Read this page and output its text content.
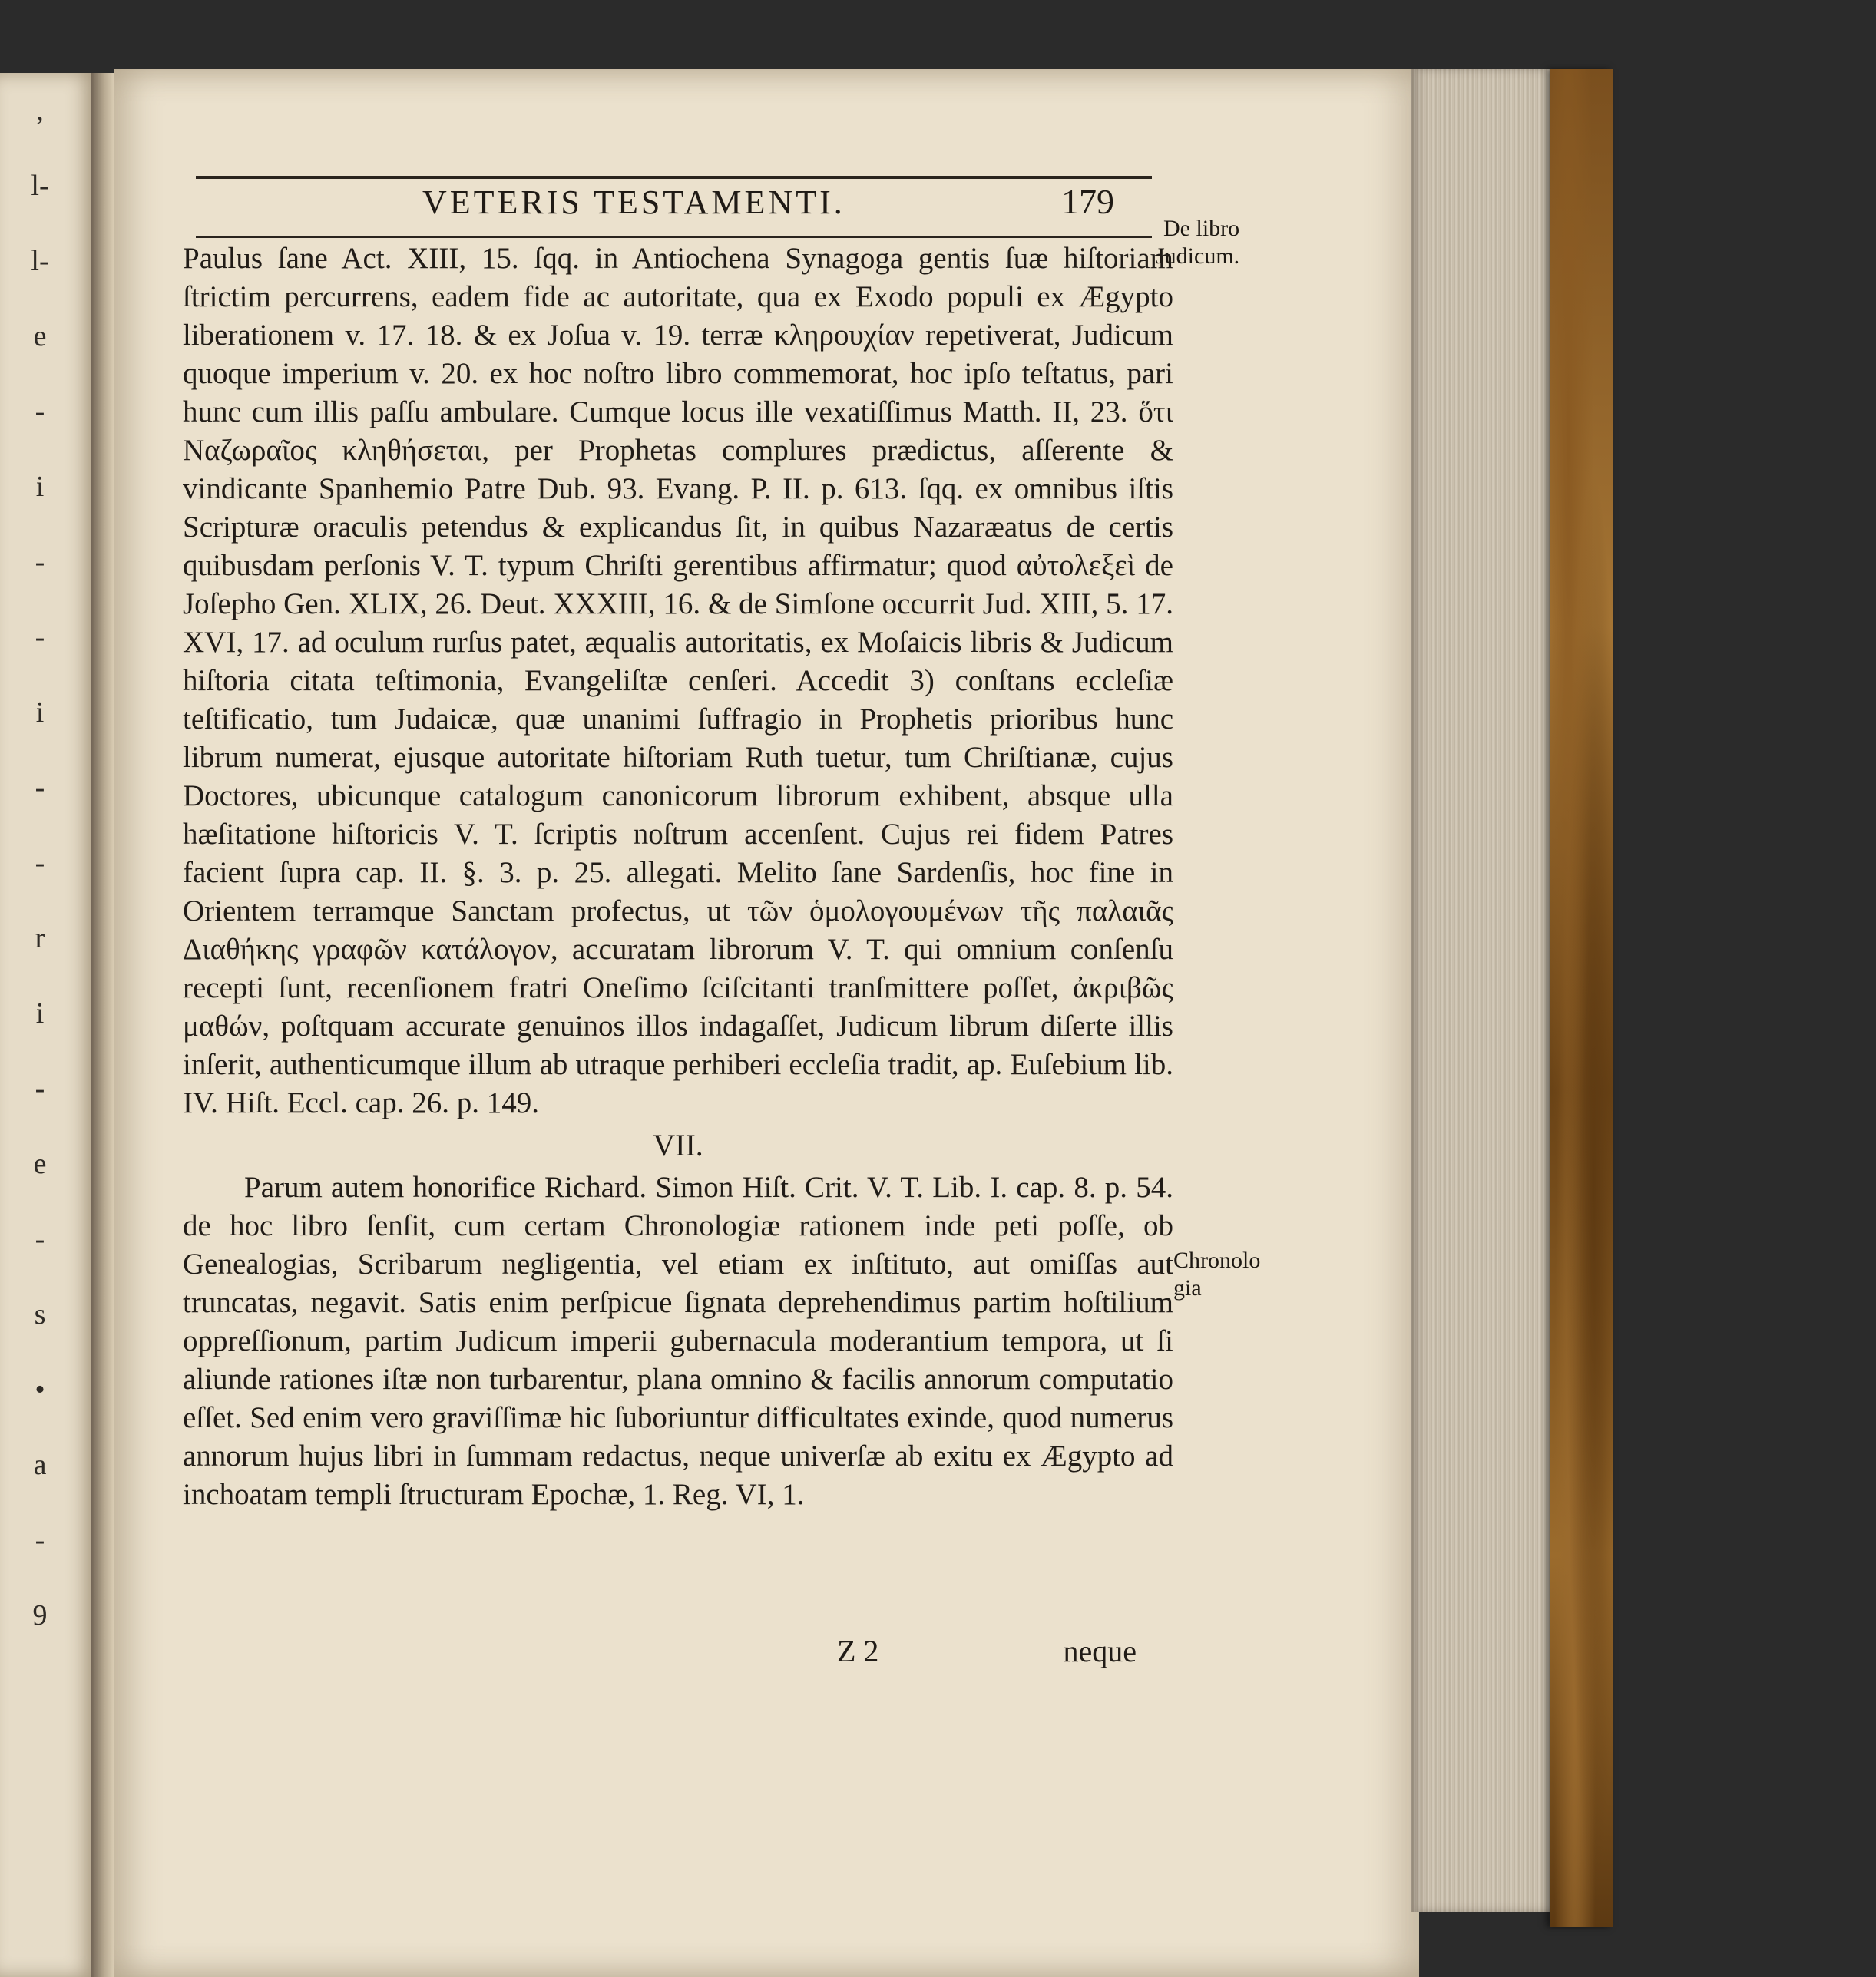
,
l-
l-
e
-
i
-
-
i
-
-
r
i
-
e
-
s
•
a
-
9
VETERIS TESTAMENTI.	179
De libro
Judicum.

Paulus ſane Act. XIII, 15. ſqq. in Antiochena Synagoga gentis ſuæ hiſtoriam ſtrictim percurrens, eadem fide ac autoritate, qua ex Exodo populi ex Ægypto liberationem v. 17. 18. & ex Joſua v. 19. terræ κληρουχίαν repetiverat, Judicum quoque imperium v. 20. ex hoc noſtro libro commemorat, hoc ipſo teſtatus, pari hunc cum illis paſſu ambulare. Cumque locus ille vexatiſſimus Matth. II, 23. ὅτι Ναζωραῖος κληθήσεται, per Prophetas complures prædictus, aſſerente & vindicante Spanhemio Patre Dub. 93. Evang. P. II. p. 613. ſqq. ex omnibus iſtis Scripturæ oraculis petendus & explicandus ſit, in quibus Nazaræatus de certis quibusdam perſonis V. T. typum Chriſti gerentibus affirmatur; quod αὐτολεξεὶ de Joſepho Gen. XLIX, 26. Deut. XXXIII, 16. & de Simſone occurrit Jud. XIII, 5. 17. XVI, 17. ad oculum rurſus patet, æqualis autoritatis, ex Moſaicis libris & Judicum hiſtoria citata teſtimonia, Evangeliſtæ cenſeri. Accedit 3) conſtans eccleſiæ teſtificatio, tum Judaicæ, quæ unanimi ſuffragio in Prophetis prioribus hunc librum numerat, ejusque autoritate hiſtoriam Ruth tuetur, tum Chriſtianæ, cujus Doctores, ubicunque catalogum canonicorum librorum exhibent, absque ulla hæſitatione hiſtoricis V. T. ſcriptis noſtrum accenſent. Cujus rei fidem Patres facient ſupra cap. II. §. 3. p. 25. allegati. Melito ſane Sardenſis, hoc fine in Orientem terramque Sanctam profectus, ut τῶν ὁμολογουμένων τῆς παλαιᾶς Διαθήκης γραφῶν κατάλογον, accuratam librorum V. T. qui omnium conſenſu recepti ſunt, recenſionem fratri Oneſimo ſciſcitanti tranſmittere poſſet, ἀκριβῶς μαθών, poſtquam accurate genuinos illos indagaſſet, Judicum librum diſerte illis inſerit, authenticumque illum ab utraque perhiberi eccleſia tradit, ap. Euſebium lib. IV. Hiſt. Eccl. cap. 26. p. 149.

VII.

Parum autem honorifice Richard. Simon Hiſt. Crit. V. T. Lib. I. cap. 8. p. 54. de hoc libro ſenſit, cum certam Chronologiæ rationem inde peti poſſe, ob Genealogias, Scribarum negligentia, vel etiam ex inſtituto, aut omiſſas aut truncatas, negavit. Satis enim perſpicue ſignata deprehendimus partim hoſtilium oppreſſionum, partim Judicum imperii gubernacula moderantium tempora, ut ſi aliunde rationes iſtæ non turbarentur, plana omnino & facilis annorum computatio eſſet. Sed enim vero graviſſimæ hic ſuboriuntur difficultates exinde, quod numerus annorum hujus libri in ſummam redactus, neque univerſæ ab exitu ex Ægypto ad inchoatam templi ſtructuram Epochæ, 1. Reg. VI, 1.

Chronolo
gia
Z 2	neque
